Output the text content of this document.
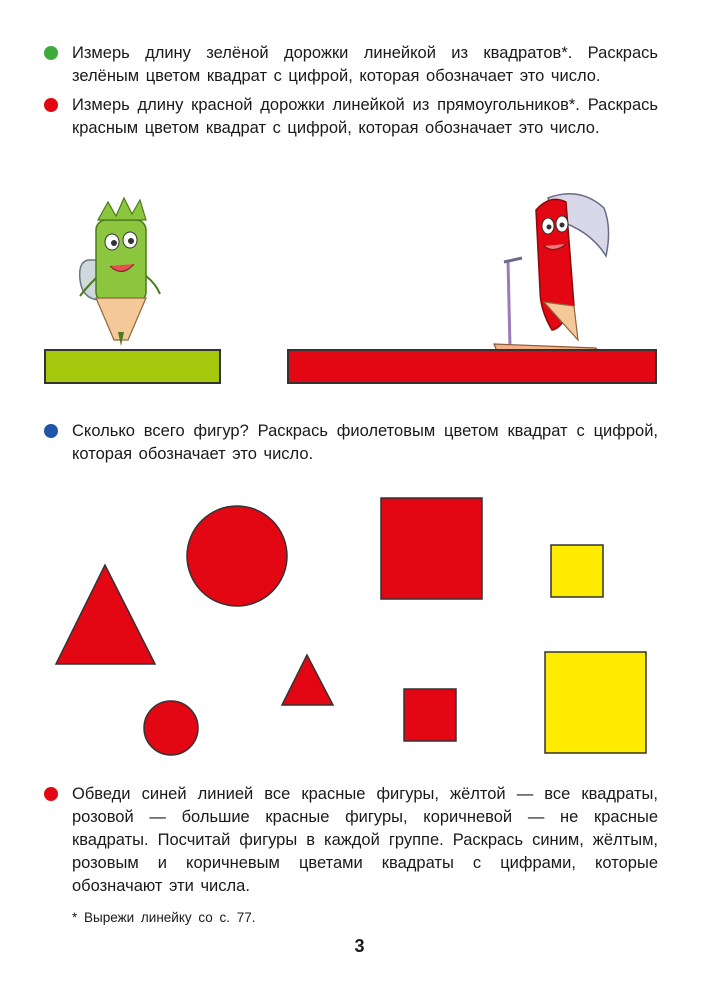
Измерь длину зелёной дорожки линейкой из квадратов*. Раскрась зелёным цветом квадрат с цифрой, которая обозначает это число.
Измерь длину красной дорожки линейкой из прямоугольников*. Раскрась красным цветом квадрат с цифрой, которая обозначает это число.
Сколько всего фигур? Раскрась фиолетовым цветом квадрат с цифрой, которая обозначает это число.
Обведи синей линией все красные фигуры, жёлтой — все квадраты, розовой — большие красные фигуры, коричневой — не красные квадраты. Посчитай фигуры в каждой группе. Раскрась синим, жёлтым, розовым и коричневым цветами квадраты с цифрами, которые обозначают эти числа.
* Вырежи линейку со с. 77.
3
